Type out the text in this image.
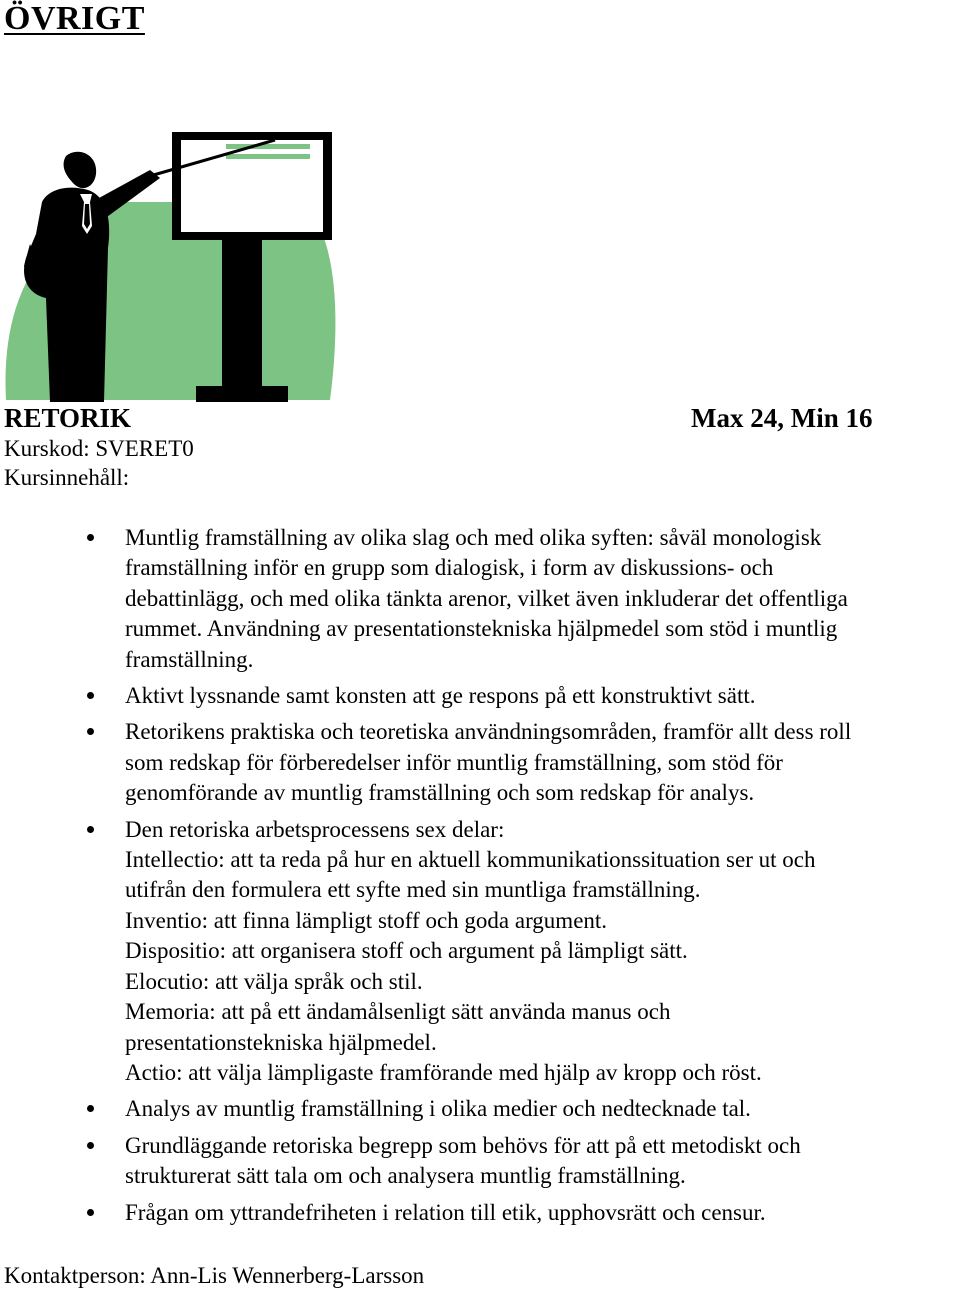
ÖVRIGT
RETORIK	Max 24, Min 16
Kurskod: SVERET0
Kursinnehåll:
Muntlig framställning av olika slag och med olika syften: såväl monologisk
framställning inför en grupp som dialogisk, i form av diskussions- och
debattinlägg, och med olika tänkta arenor, vilket även inkluderar det offentliga
rummet. Användning av presentationstekniska hjälpmedel som stöd i muntlig
framställning.
Aktivt lyssnande samt konsten att ge respons på ett konstruktivt sätt.
Retorikens praktiska och teoretiska användningsområden, framför allt dess roll
som redskap för förberedelser inför muntlig framställning, som stöd för
genomförande av muntlig framställning och som redskap för analys.
Den retoriska arbetsprocessens sex delar:
Intellectio: att ta reda på hur en aktuell kommunikationssituation ser ut och
utifrån den formulera ett syfte med sin muntliga framställning.
Inventio: att finna lämpligt stoff och goda argument.
Dispositio: att organisera stoff och argument på lämpligt sätt.
Elocutio: att välja språk och stil.
Memoria: att på ett ändamålsenligt sätt använda manus och
presentationstekniska hjälpmedel.
Actio: att välja lämpligaste framförande med hjälp av kropp och röst.
Analys av muntlig framställning i olika medier och nedtecknade tal.
Grundläggande retoriska begrepp som behövs för att på ett metodiskt och
strukturerat sätt tala om och analysera muntlig framställning.
Frågan om yttrandefriheten i relation till etik, upphovsrätt och censur.
Kontaktperson: Ann-Lis Wennerberg-Larsson
